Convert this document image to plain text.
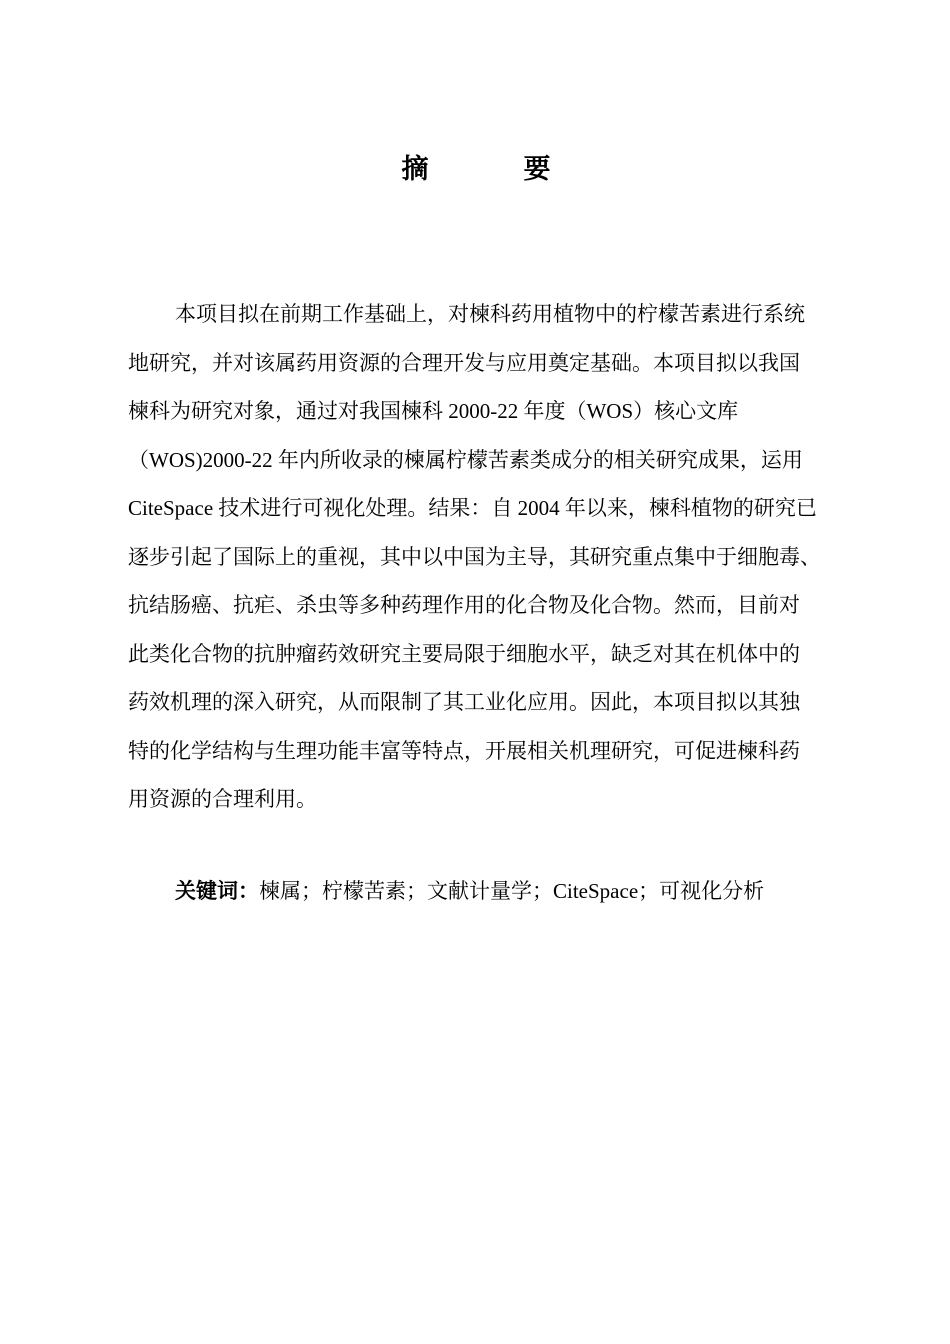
摘　要
本项目拟在前期工作基础上，对楝科药用植物中的柠檬苦素进行系统
地研究，并对该属药用资源的合理开发与应用奠定基础。本项目拟以我国
楝科为研究对象，通过对我国楝科 2000-22 年度（WOS）核心文库
（WOS)2000-22 年内所收录的楝属柠檬苦素类成分的相关研究成果，运用
CiteSpace 技术进行可视化处理。结果：自 2004 年以来，楝科植物的研究已
逐步引起了国际上的重视，其中以中国为主导，其研究重点集中于细胞毒、
抗结肠癌、抗疟、杀虫等多种药理作用的化合物及化合物。然而，目前对
此类化合物的抗肿瘤药效研究主要局限于细胞水平，缺乏对其在机体中的
药效机理的深入研究，从而限制了其工业化应用。因此，本项目拟以其独
特的化学结构与生理功能丰富等特点，开展相关机理研究，可促进楝科药
用资源的合理利用。

关键词：楝属；柠檬苦素；文献计量学；CiteSpace；可视化分析
